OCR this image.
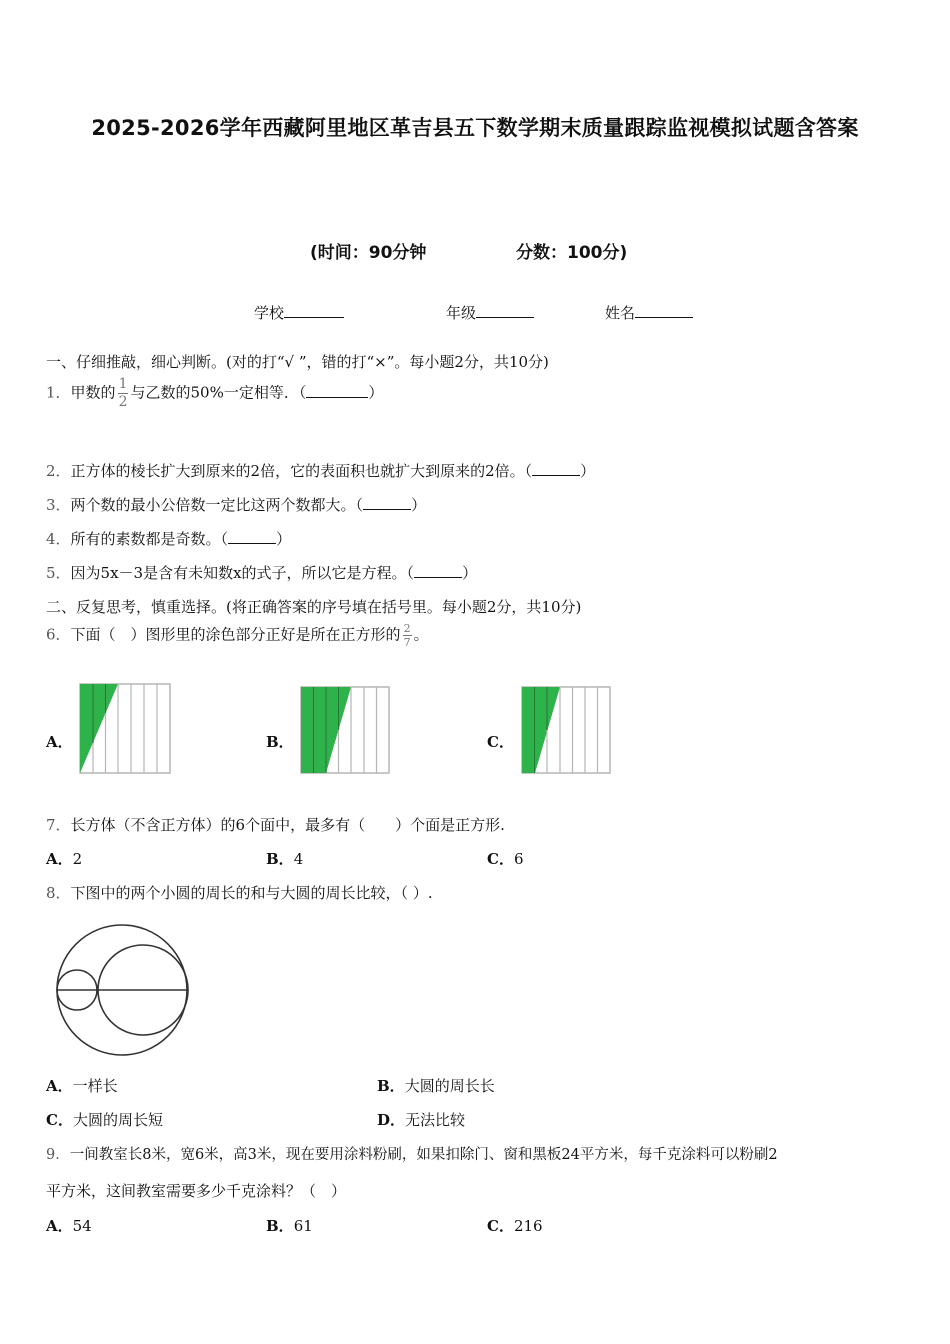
2025-2026学年西藏阿里地区革吉县五下数学期末质量跟踪监视模拟试题含答案
(时间：90分钟	分数：100分)
学校	年级	姓名
一、仔细推敲，细心判断。(对的打“√ ”，错的打“×”。每小题2分，共10分)
1．甲数的 $\frac{1}{2}$ 与乙数的50%一定相等．（	）
2．正方体的棱长扩大到原来的2倍，它的表面积也就扩大到原来的2倍。（	）
3．两个数的最小公倍数一定比这两个数都大。（	）
4．所有的素数都是奇数。（	）
5．因为5x－3是含有未知数x的式子，所以它是方程。（	）
二、反复思考，慎重选择。(将正确答案的序号填在括号里。每小题2分，共10分)
6．下面（　）图形里的涂色部分正好是所在正方形的 $\frac{2}{7}$ 。
A．	B．	C．
7．长方体（不含正方体）的6个面中，最多有（　　）个面是正方形.
A．2	B．4	C．6
8．下图中的两个小圆的周长的和与大圆的周长比较，（ ）.
A．一样长	B．大圆的周长长
C．大圆的周长短	D．无法比较
9．一间教室长8米，宽6米，高3米，现在要用涂料粉刷，如果扣除门、窗和黑板24平方米，每千克涂料可以粉刷2
平方米，这间教室需要多少千克涂料？（　）
A．54	B．61	C．216
